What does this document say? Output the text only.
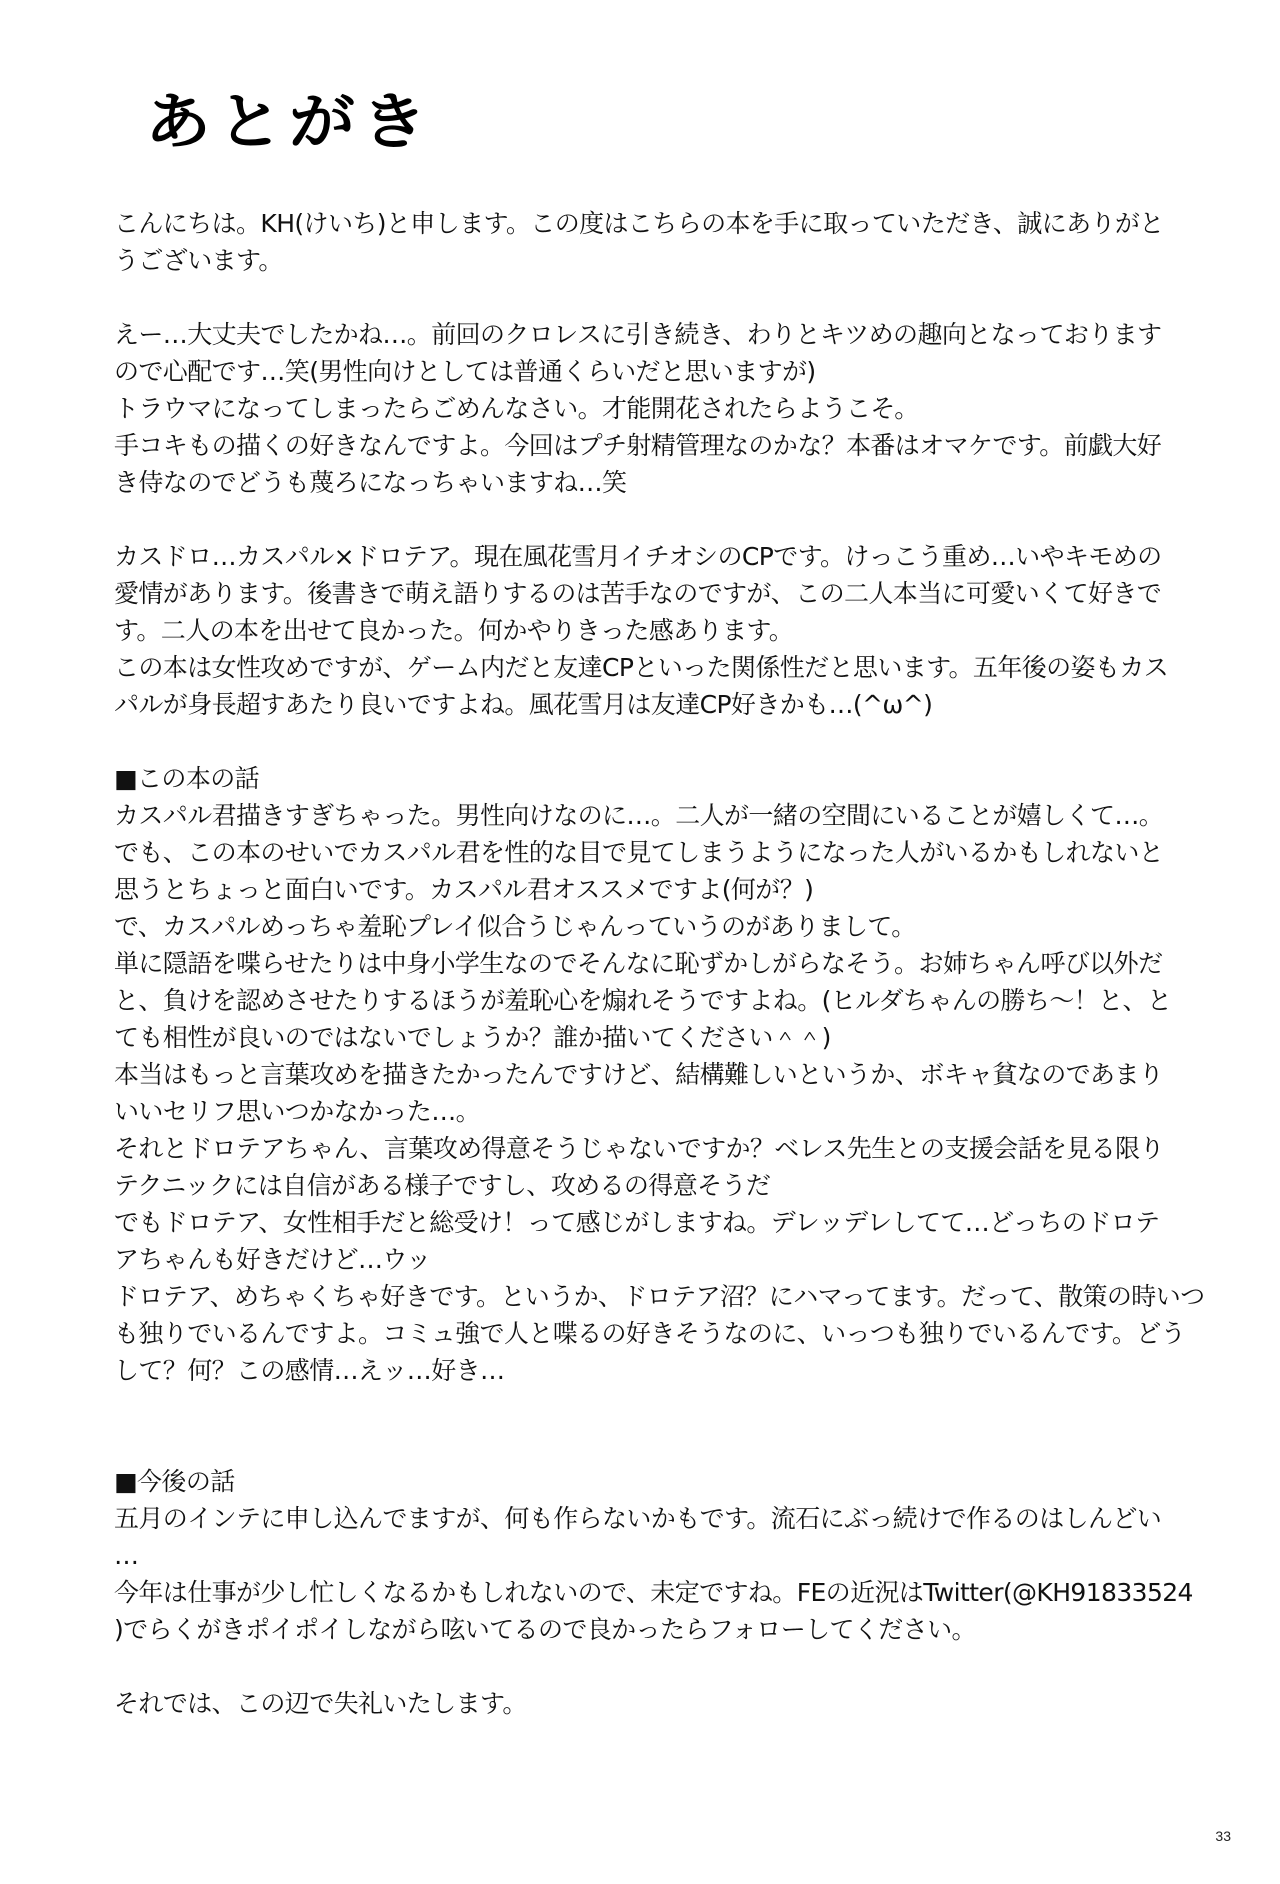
あとがき
こんにちは。KH(けいち)と申します。この度はこちらの本を手に取っていただき、誠にありがと
うございます。
えー…大丈夫でしたかね…。前回のクロレスに引き続き、わりとキツめの趣向となっております
ので心配です…笑(男性向けとしては普通くらいだと思いますが)
トラウマになってしまったらごめんなさい。才能開花されたらようこそ。
手コキもの描くの好きなんですよ。今回はプチ射精管理なのかな？本番はオマケです。前戯大好
き侍なのでどうも蔑ろになっちゃいますね…笑
カスドロ…カスパル×ドロテア。現在風花雪月イチオシのCPです。けっこう重め…いやキモめの
愛情があります。後書きで萌え語りするのは苦手なのですが、この二人本当に可愛いくて好きで
す。二人の本を出せて良かった。何かやりきった感あります。
この本は女性攻めですが、ゲーム内だと友達CPといった関係性だと思います。五年後の姿もカス
パルが身長超すあたり良いですよね。風花雪月は友達CP好きかも…(^ω^)
■この本の話
カスパル君描きすぎちゃった。男性向けなのに…。二人が一緒の空間にいることが嬉しくて…。
でも、この本のせいでカスパル君を性的な目で見てしまうようになった人がいるかもしれないと
思うとちょっと面白いです。カスパル君オススメですよ(何が？)
で、カスパルめっちゃ羞恥プレイ似合うじゃんっていうのがありまして。
単に隠語を喋らせたりは中身小学生なのでそんなに恥ずかしがらなそう。お姉ちゃん呼び以外だ
と、負けを認めさせたりするほうが羞恥心を煽れそうですよね。(ヒルダちゃんの勝ち～！と、と
ても相性が良いのではないでしょうか？誰か描いてください＾＾)
本当はもっと言葉攻めを描きたかったんですけど、結構難しいというか、ボキャ貧なのであまり
いいセリフ思いつかなかった…。
それとドロテアちゃん、言葉攻め得意そうじゃないですか？ベレス先生との支援会話を見る限り
テクニックには自信がある様子ですし、攻めるの得意そうだ
でもドロテア、女性相手だと総受け！って感じがしますね。デレッデレしてて…どっちのドロテ
アちゃんも好きだけど…ウッ
ドロテア、めちゃくちゃ好きです。というか、ドロテア沼？にハマってます。だって、散策の時いつ
も独りでいるんですよ。コミュ強で人と喋るの好きそうなのに、いっつも独りでいるんです。どう
して？何？この感情…えッ…好き…
■今後の話
五月のインテに申し込んでますが、何も作らないかもです。流石にぶっ続けで作るのはしんどい
…
今年は仕事が少し忙しくなるかもしれないので、未定ですね。FEの近況はTwitter(@KH91833524
)でらくがきポイポイしながら呟いてるので良かったらフォローしてください。
それでは、この辺で失礼いたします。
33
